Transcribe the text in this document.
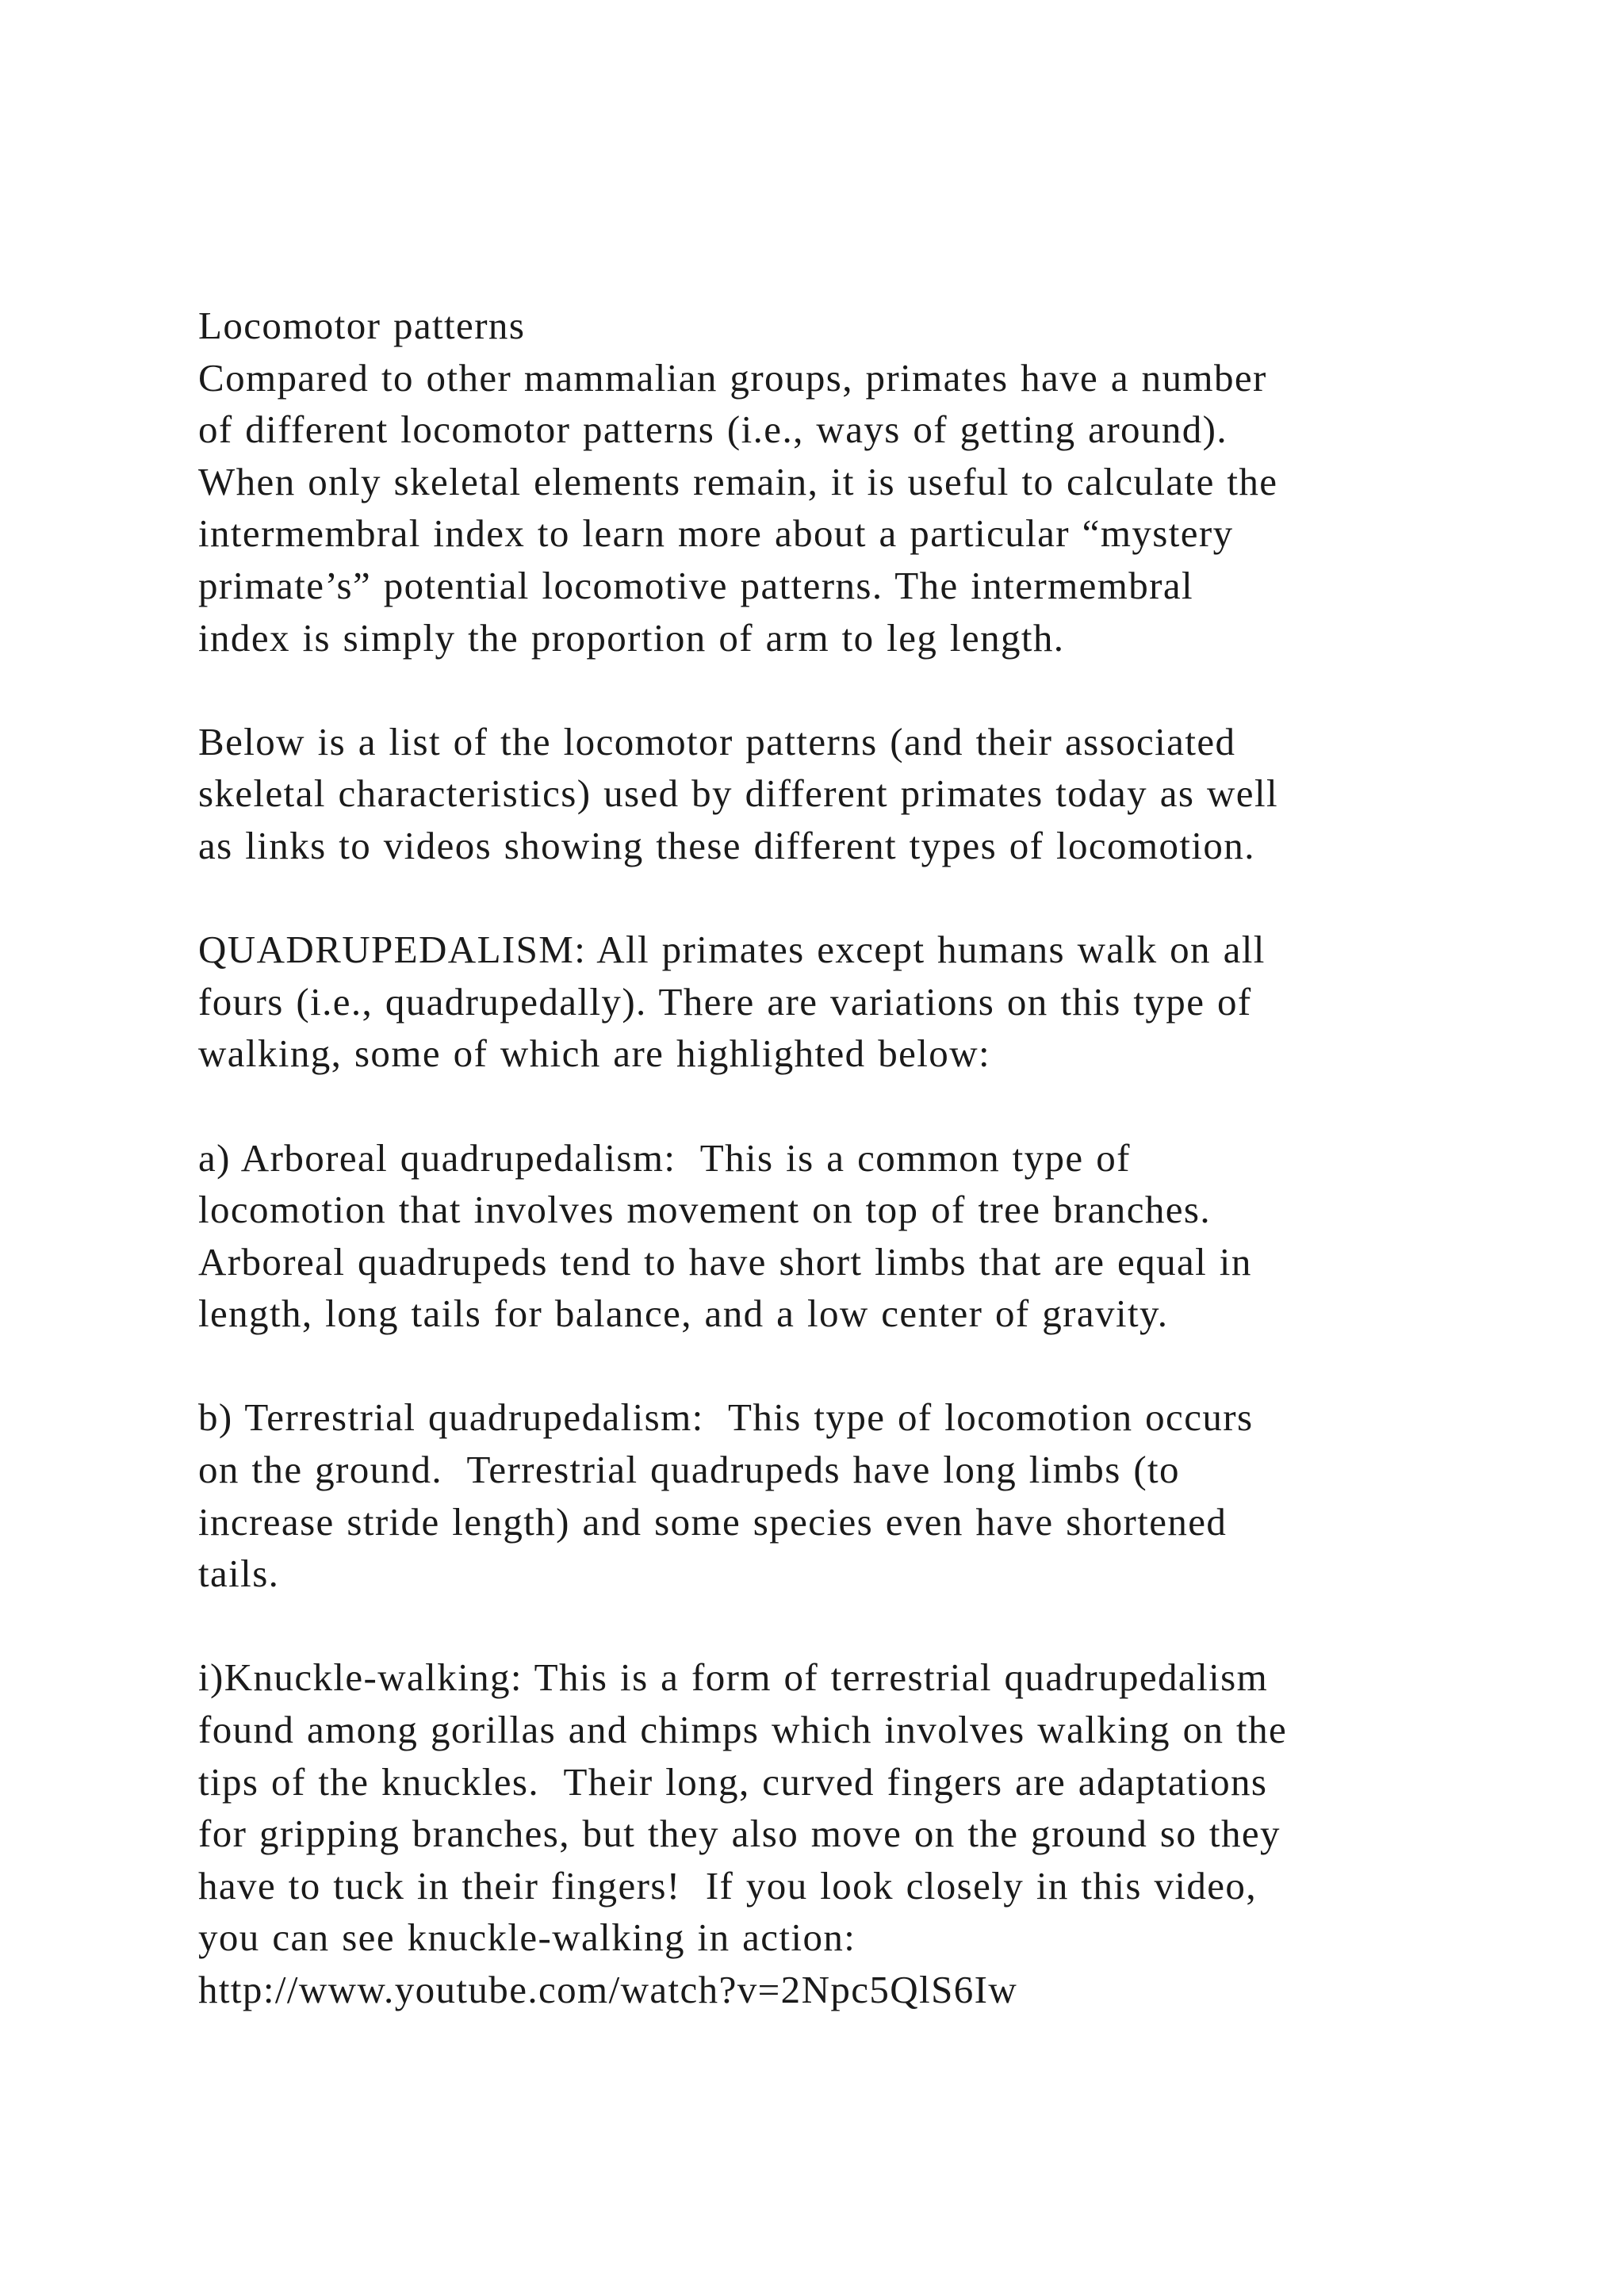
Locomotor patterns
Compared to other mammalian groups, primates have a number
of different locomotor patterns (i.e., ways of getting around).
When only skeletal elements remain, it is useful to calculate the
intermembral index to learn more about a particular “mystery
primate’s” potential locomotive patterns. The intermembral
index is simply the proportion of arm to leg length.
Below is a list of the locomotor patterns (and their associated
skeletal characteristics) used by different primates today as well
as links to videos showing these different types of locomotion.
QUADRUPEDALISM: All primates except humans walk on all
fours (i.e., quadrupedally). There are variations on this type of
walking, some of which are highlighted below:
a) Arboreal quadrupedalism:  This is a common type of
locomotion that involves movement on top of tree branches.
Arboreal quadrupeds tend to have short limbs that are equal in
length, long tails for balance, and a low center of gravity.
b) Terrestrial quadrupedalism:  This type of locomotion occurs
on the ground.  Terrestrial quadrupeds have long limbs (to
increase stride length) and some species even have shortened
tails.
i)Knuckle-walking: This is a form of terrestrial quadrupedalism
found among gorillas and chimps which involves walking on the
tips of the knuckles.  Their long, curved fingers are adaptations
for gripping branches, but they also move on the ground so they
have to tuck in their fingers!  If you look closely in this video,
you can see knuckle-walking in action:
http://www.youtube.com/watch?v=2Npc5QlS6Iw
